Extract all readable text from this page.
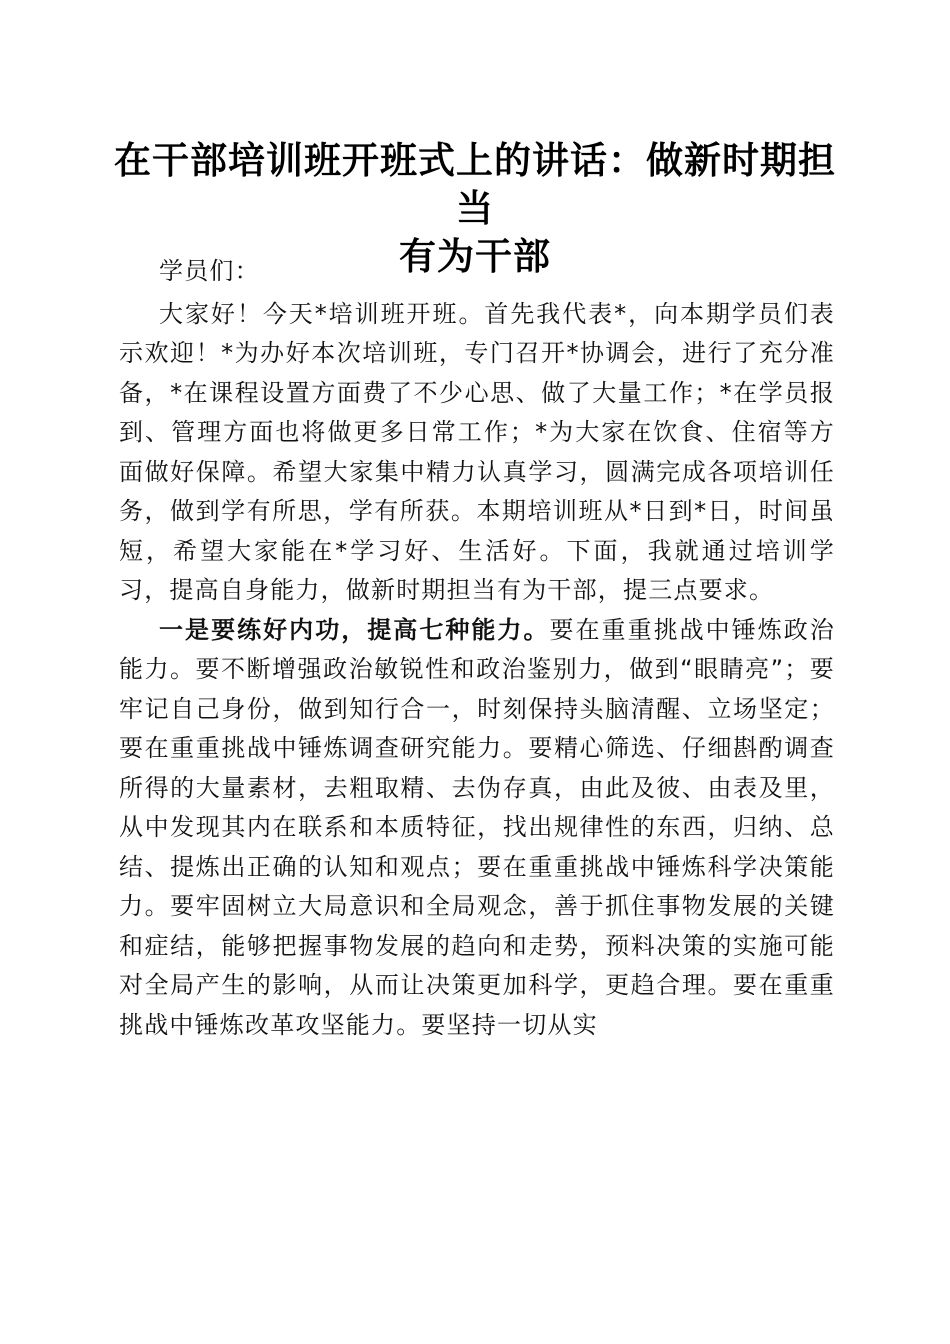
在干部培训班开班式上的讲话：做新时期担当
有为干部

学员们：

大家好！今天*培训班开班。首先我代表*，向本期学员们表示欢迎！*为办好本次培训班，专门召开*协调会，进行了充分准备，*在课程设置方面费了不少心思、做了大量工作；*在学员报到、管理方面也将做更多日常工作；*为大家在饮食、住宿等方面做好保障。希望大家集中精力认真学习，圆满完成各项培训任务，做到学有所思，学有所获。本期培训班从*日到*日，时间虽短，希望大家能在*学习好、生活好。下面，我就通过培训学习，提高自身能力，做新时期担当有为干部，提三点要求。

一是要练好内功，提高七种能力。要在重重挑战中锤炼政治能力。要不断增强政治敏锐性和政治鉴别力，做到“眼睛亮”；要牢记自己身份，做到知行合一，时刻保持头脑清醒、立场坚定；要在重重挑战中锤炼调查研究能力。要精心筛选、仔细斟酌调查所得的大量素材，去粗取精、去伪存真，由此及彼、由表及里，从中发现其内在联系和本质特征，找出规律性的东西，归纳、总结、提炼出正确的认知和观点；要在重重挑战中锤炼科学决策能力。要牢固树立大局意识和全局观念，善于抓住事物发展的关键和症结，能够把握事物发展的趋向和走势，预料决策的实施可能对全局产生的影响，从而让决策更加科学，更趋合理。要在重重挑战中锤炼改革攻坚能力。要坚持一切从实
